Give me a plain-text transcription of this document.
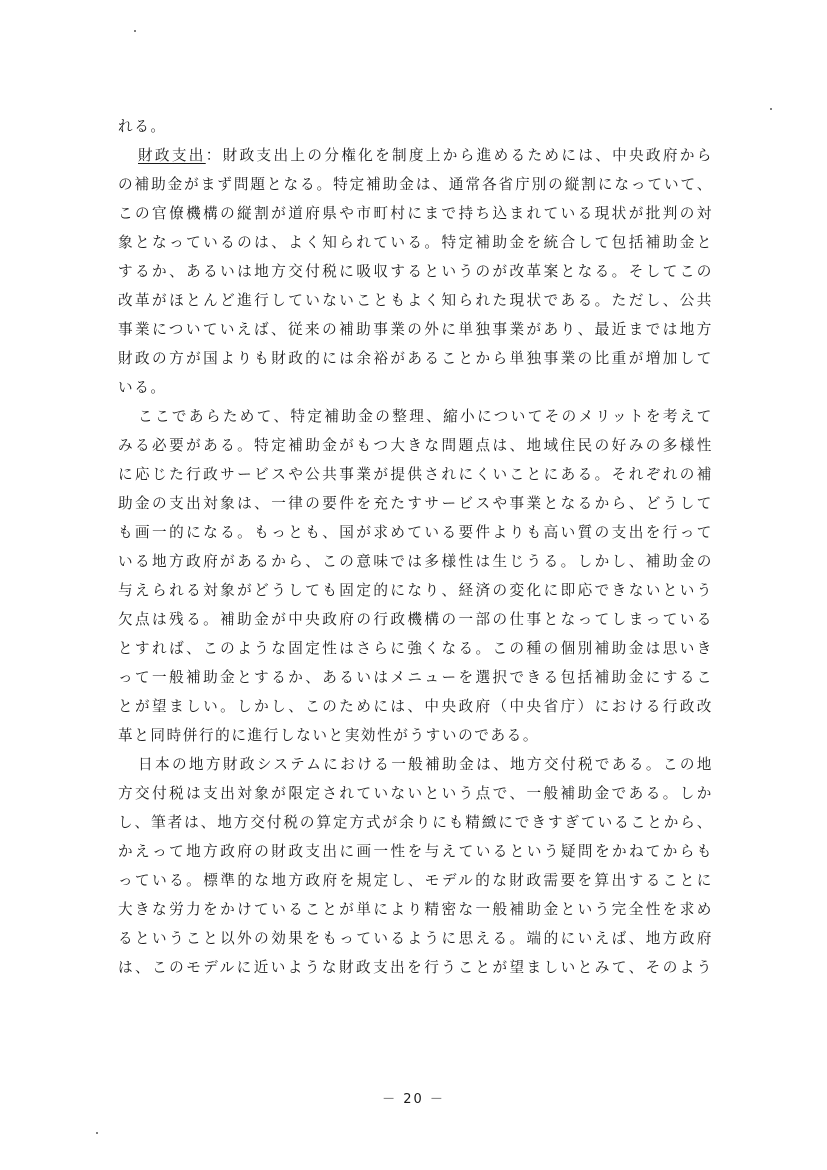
れる。
財政支出：財政支出上の分権化を制度上から進めるためには、中央政府から
の補助金がまず問題となる。特定補助金は、通常各省庁別の縦割になっていて、
この官僚機構の縦割が道府県や市町村にまで持ち込まれている現状が批判の対
象となっているのは、よく知られている。特定補助金を統合して包括補助金と
するか、あるいは地方交付税に吸収するというのが改革案となる。そしてこの
改革がほとんど進行していないこともよく知られた現状である。ただし、公共
事業についていえば、従来の補助事業の外に単独事業があり、最近までは地方
財政の方が国よりも財政的には余裕があることから単独事業の比重が増加して
いる。
ここであらためて、特定補助金の整理、縮小についてそのメリットを考えて
みる必要がある。特定補助金がもつ大きな問題点は、地域住民の好みの多様性
に応じた行政サービスや公共事業が提供されにくいことにある。それぞれの補
助金の支出対象は、一律の要件を充たすサービスや事業となるから、どうして
も画一的になる。もっとも、国が求めている要件よりも高い質の支出を行って
いる地方政府があるから、この意味では多様性は生じうる。しかし、補助金の
与えられる対象がどうしても固定的になり、経済の変化に即応できないという
欠点は残る。補助金が中央政府の行政機構の一部の仕事となってしまっている
とすれば、このような固定性はさらに強くなる。この種の個別補助金は思いき
って一般補助金とするか、あるいはメニューを選択できる包括補助金にするこ
とが望ましい。しかし、このためには、中央政府（中央省庁）における行政改
革と同時併行的に進行しないと実効性がうすいのである。
日本の地方財政システムにおける一般補助金は、地方交付税である。この地
方交付税は支出対象が限定されていないという点で、一般補助金である。しか
し、筆者は、地方交付税の算定方式が余りにも精緻にできすぎていることから、
かえって地方政府の財政支出に画一性を与えているという疑問をかねてからも
っている。標準的な地方政府を規定し、モデル的な財政需要を算出することに
大きな労力をかけていることが単により精密な一般補助金という完全性を求め
るということ以外の効果をもっているように思える。端的にいえば、地方政府
は、このモデルに近いような財政支出を行うことが望ましいとみて、そのよう
－ 20 －
